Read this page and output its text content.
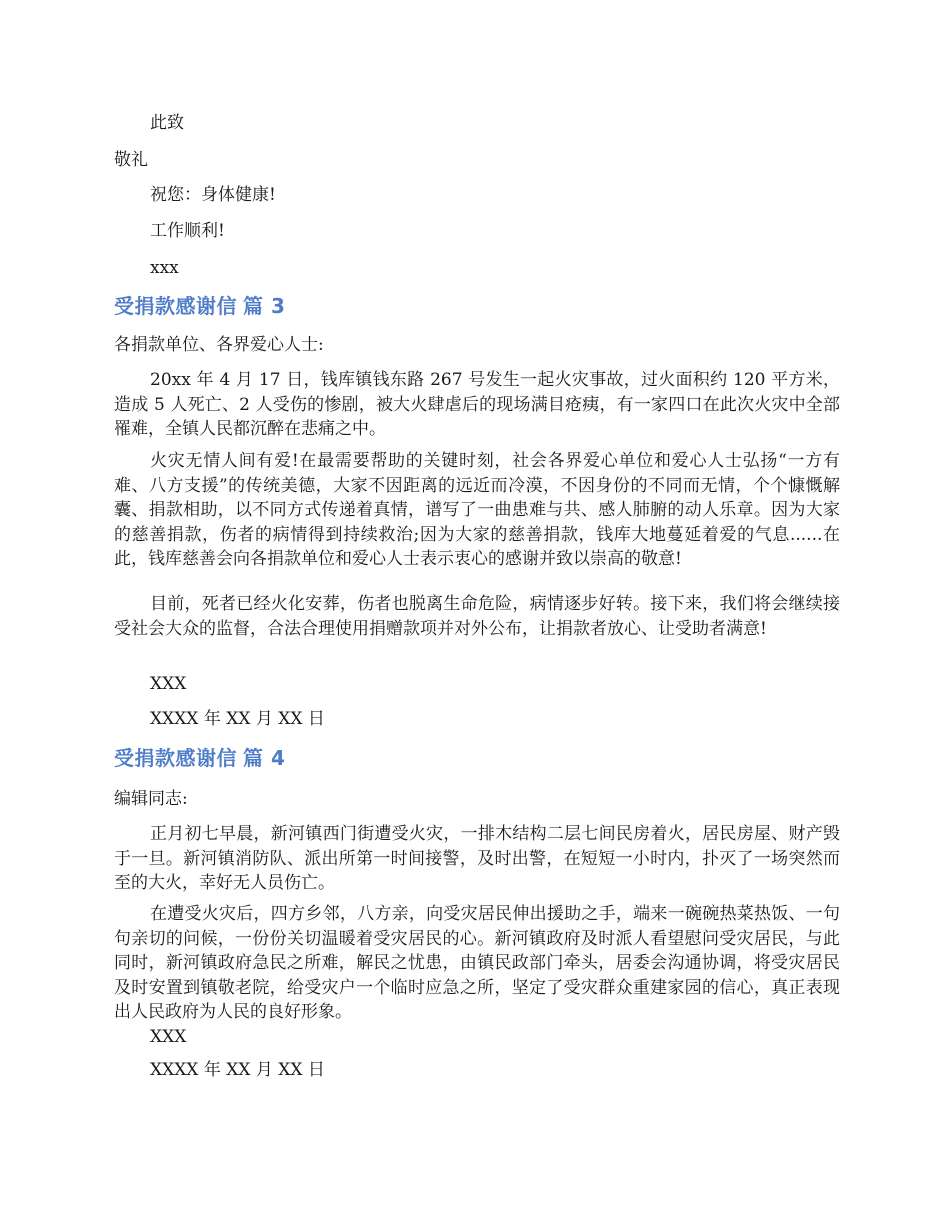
此致

敬礼

祝您：身体健康!

工作顺利!

xxx

受捐款感谢信 篇 3

各捐款单位、各界爱心人士:

20xx 年 4 月 17 日，钱库镇钱东路 267 号发生一起火灾事故，过火面积约 120 平方米，造成 5 人死亡、2 人受伤的惨剧，被大火肆虐后的现场满目疮痍，有一家四口在此次火灾中全部罹难，全镇人民都沉醉在悲痛之中。

火灾无情人间有爱!在最需要帮助的关键时刻，社会各界爱心单位和爱心人士弘扬“一方有难、八方支援”的传统美德，大家不因距离的远近而冷漠，不因身份的不同而无情，个个慷慨解囊、捐款相助，以不同方式传递着真情，谱写了一曲患难与共、感人肺腑的动人乐章。因为大家的慈善捐款，伤者的病情得到持续救治;因为大家的慈善捐款，钱库大地蔓延着爱的气息......在此，钱库慈善会向各捐款单位和爱心人士表示衷心的感谢并致以崇高的敬意!

目前，死者已经火化安葬，伤者也脱离生命危险，病情逐步好转。接下来，我们将会继续接受社会大众的监督，合法合理使用捐赠款项并对外公布，让捐款者放心、让受助者满意!

XXX

XXXX 年 XX 月 XX 日

受捐款感谢信 篇 4

编辑同志:

正月初七早晨，新河镇西门街遭受火灾，一排木结构二层七间民房着火，居民房屋、财产毁于一旦。新河镇消防队、派出所第一时间接警，及时出警，在短短一小时内，扑灭了一场突然而至的大火，幸好无人员伤亡。

在遭受火灾后，四方乡邻，八方亲，向受灾居民伸出援助之手，端来一碗碗热菜热饭、一句句亲切的问候，一份份关切温暖着受灾居民的心。新河镇政府及时派人看望慰问受灾居民，与此同时，新河镇政府急民之所难，解民之忧患，由镇民政部门牵头，居委会沟通协调，将受灾居民及时安置到镇敬老院，给受灾户一个临时应急之所，坚定了受灾群众重建家园的信心，真正表现出人民政府为人民的良好形象。

XXX

XXXX 年 XX 月 XX 日
